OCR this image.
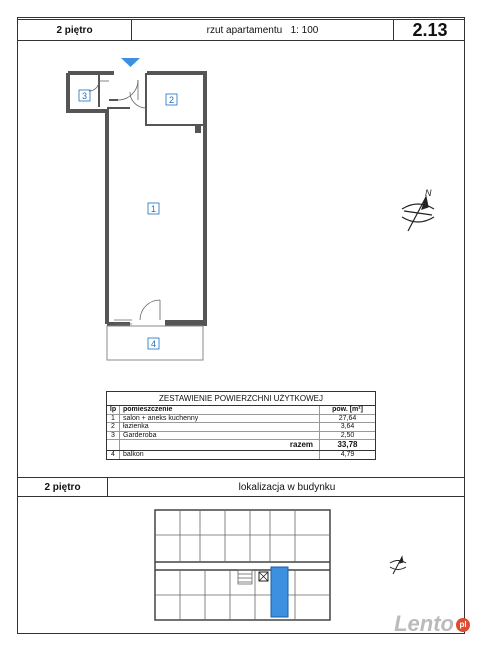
2 piętro	rzut apartamentu
1: 100	2.13
1
2
3
4
N
ZESTAWIENIE POWIERZCHNI UŻYTKOWEJ
lp pomieszczenie	pow. [m²]
1	salon + aneks kuchenny	27,64
2	łazienka	3,64
3	Garderoba	2,50
razem	33,78
4	balkon	4,79
2 piętro	lokalizacja w budynku
Lento pl
